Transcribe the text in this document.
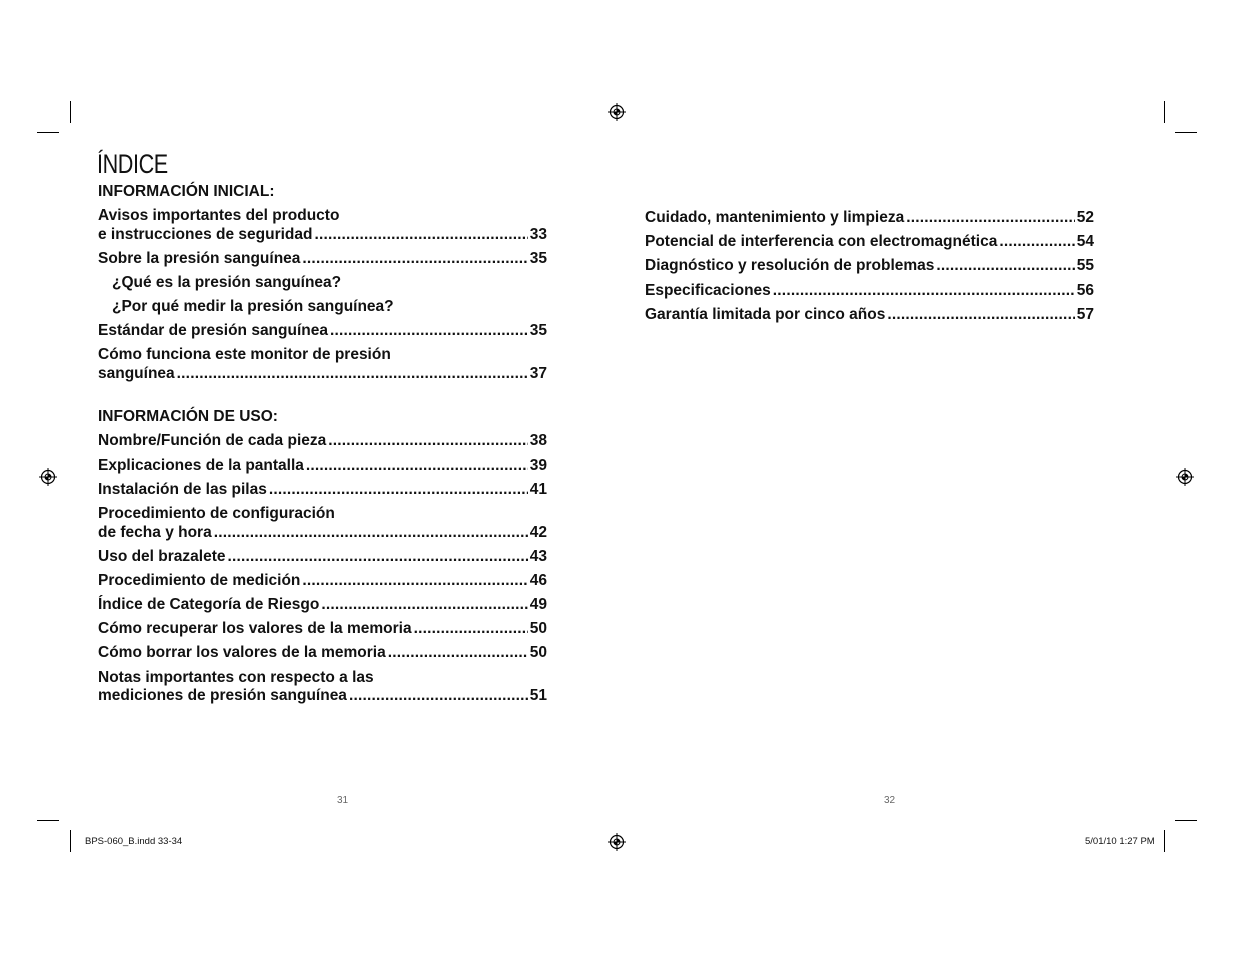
ÍNDICE
INFORMACIÓN INICIAL:
Avisos importantes del producto
e instrucciones de seguridad .....	33
Sobre la presión sanguínea .....	35
¿Qué es la presión sanguínea?
¿Por qué medir la presión sanguínea?
Estándar de presión sanguínea .....	35
Cómo funciona este monitor de presión
sanguínea .....	37
INFORMACIÓN DE USO:
Nombre/Función de cada pieza .....	38
Explicaciones de la pantalla .....	39
Instalación de las pilas .....	41
Procedimiento de configuración
de fecha y hora .....	42
Uso del brazalete .....	43
Procedimiento de medición .....	46
Índice de Categoría de Riesgo .....	49
Cómo recuperar los valores de la memoria .....	50
Cómo borrar los valores de la memoria .....	50
Notas importantes con respecto a las
mediciones de presión sanguínea .....	51
Cuidado, mantenimiento y limpieza .....	52
Potencial de interferencia con electromagnética .....	54
Diagnóstico y resolución de problemas .....	55
Especificaciones .....	56
Garantía limitada por cinco años .....	57
31	32
BPS-060_B.indd 33-34	5/01/10 1:27 PM
